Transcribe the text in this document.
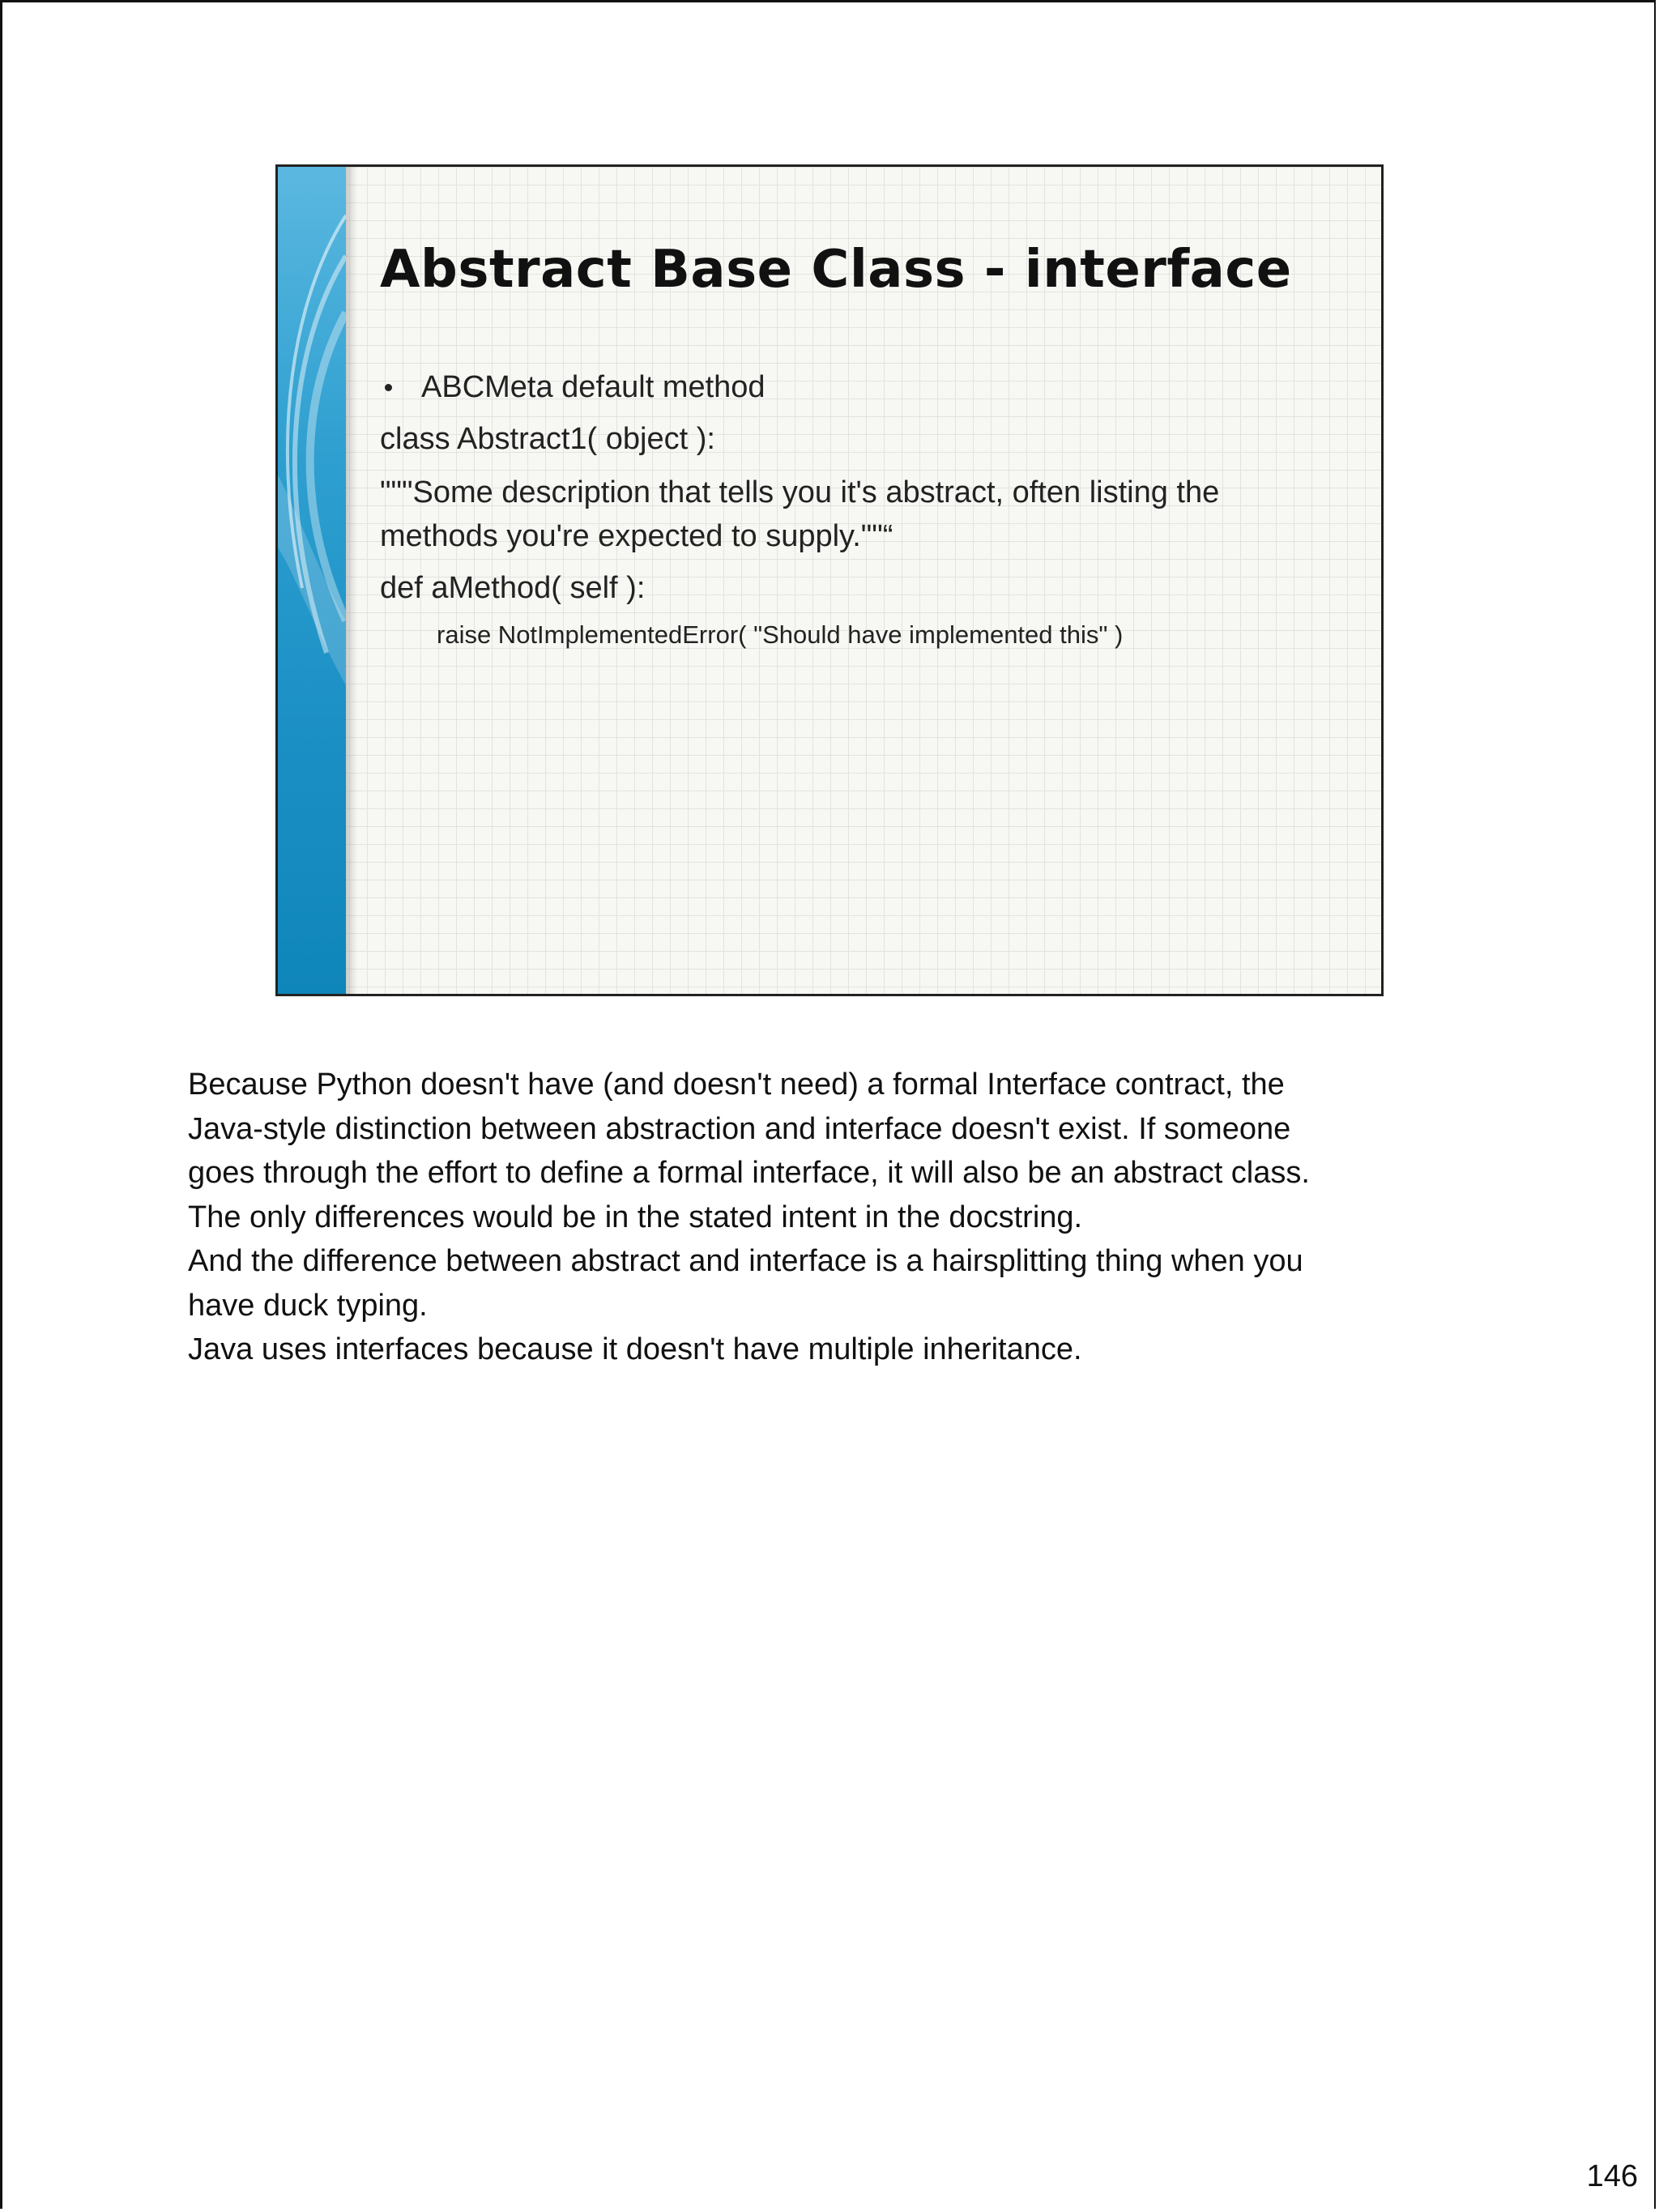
Abstract Base Class - interface
ABCMeta default method
class Abstract1( object ):
"""Some description that tells you it's abstract, often listing the
methods you're expected to supply.""“
def aMethod( self ):
raise NotImplementedError( "Should have implemented this" )
Because Python doesn't have (and doesn't need) a formal Interface contract, the
Java-style distinction between abstraction and interface doesn't exist. If someone
goes through the effort to define a formal interface, it will also be an abstract class.
The only differences would be in the stated intent in the docstring.
And the difference between abstract and interface is a hairsplitting thing when you
have duck typing.
Java uses interfaces because it doesn't have multiple inheritance.
146
